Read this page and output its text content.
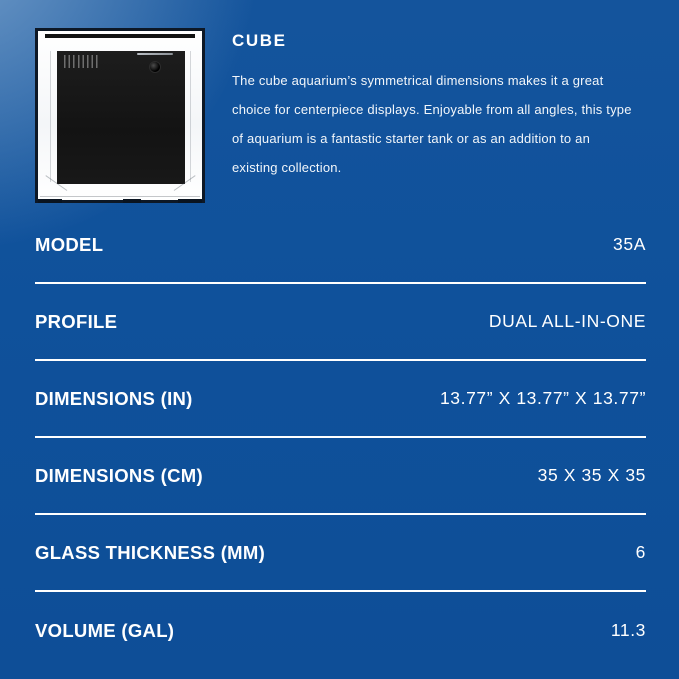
CUBE
The cube aquarium’s symmetrical dimensions makes it a great
choice for centerpiece displays. Enjoyable from all angles, this type
of aquarium is a fantastic starter tank or as an addition to an
existing collection.
MODEL	35A
PROFILE	DUAL ALL-IN-ONE
DIMENSIONS (IN)	13.77” X 13.77” X 13.77”
DIMENSIONS (CM)	35 X 35 X 35
GLASS THICKNESS (MM)	6
VOLUME (GAL)	11.3
